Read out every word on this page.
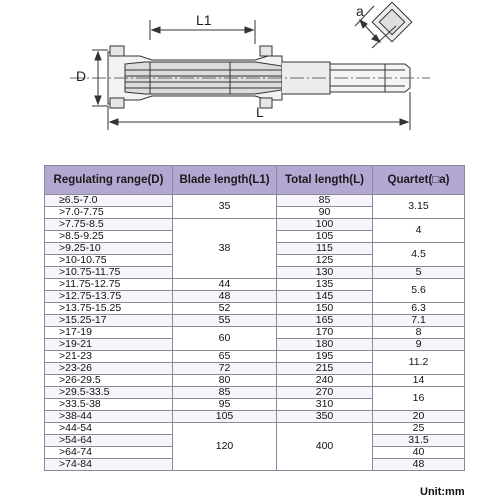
L1
D
L
a
Regulating range(D)	Blade length(L1)	Total length(L)	Quartet(□a)
≥6.5-7.0	35	85	3.15
>7.0-7.75		90	
>7.75-8.5	38	100	4
>8.5-9.25		105	
>9.25-10		115	4.5
>10-10.75		125	
>10.75-11.75		130	5
>11.75-12.75	44	135	5.6
>12.75-13.75	48	145	
>13.75-15.25	52	150	6.3
>15.25-17	55	165	7.1
>17-19	60	170	8
>19-21		180	9
>21-23	65	195	11.2
>23-26	72	215	
>26-29.5	80	240	14
>29.5-33.5	85	270	16
>33.5-38	95	310	
>38-44	105	350	20
>44-54	120	400	25
>54-64			31.5
>64-74			40
>74-84			48
Unit:mm
